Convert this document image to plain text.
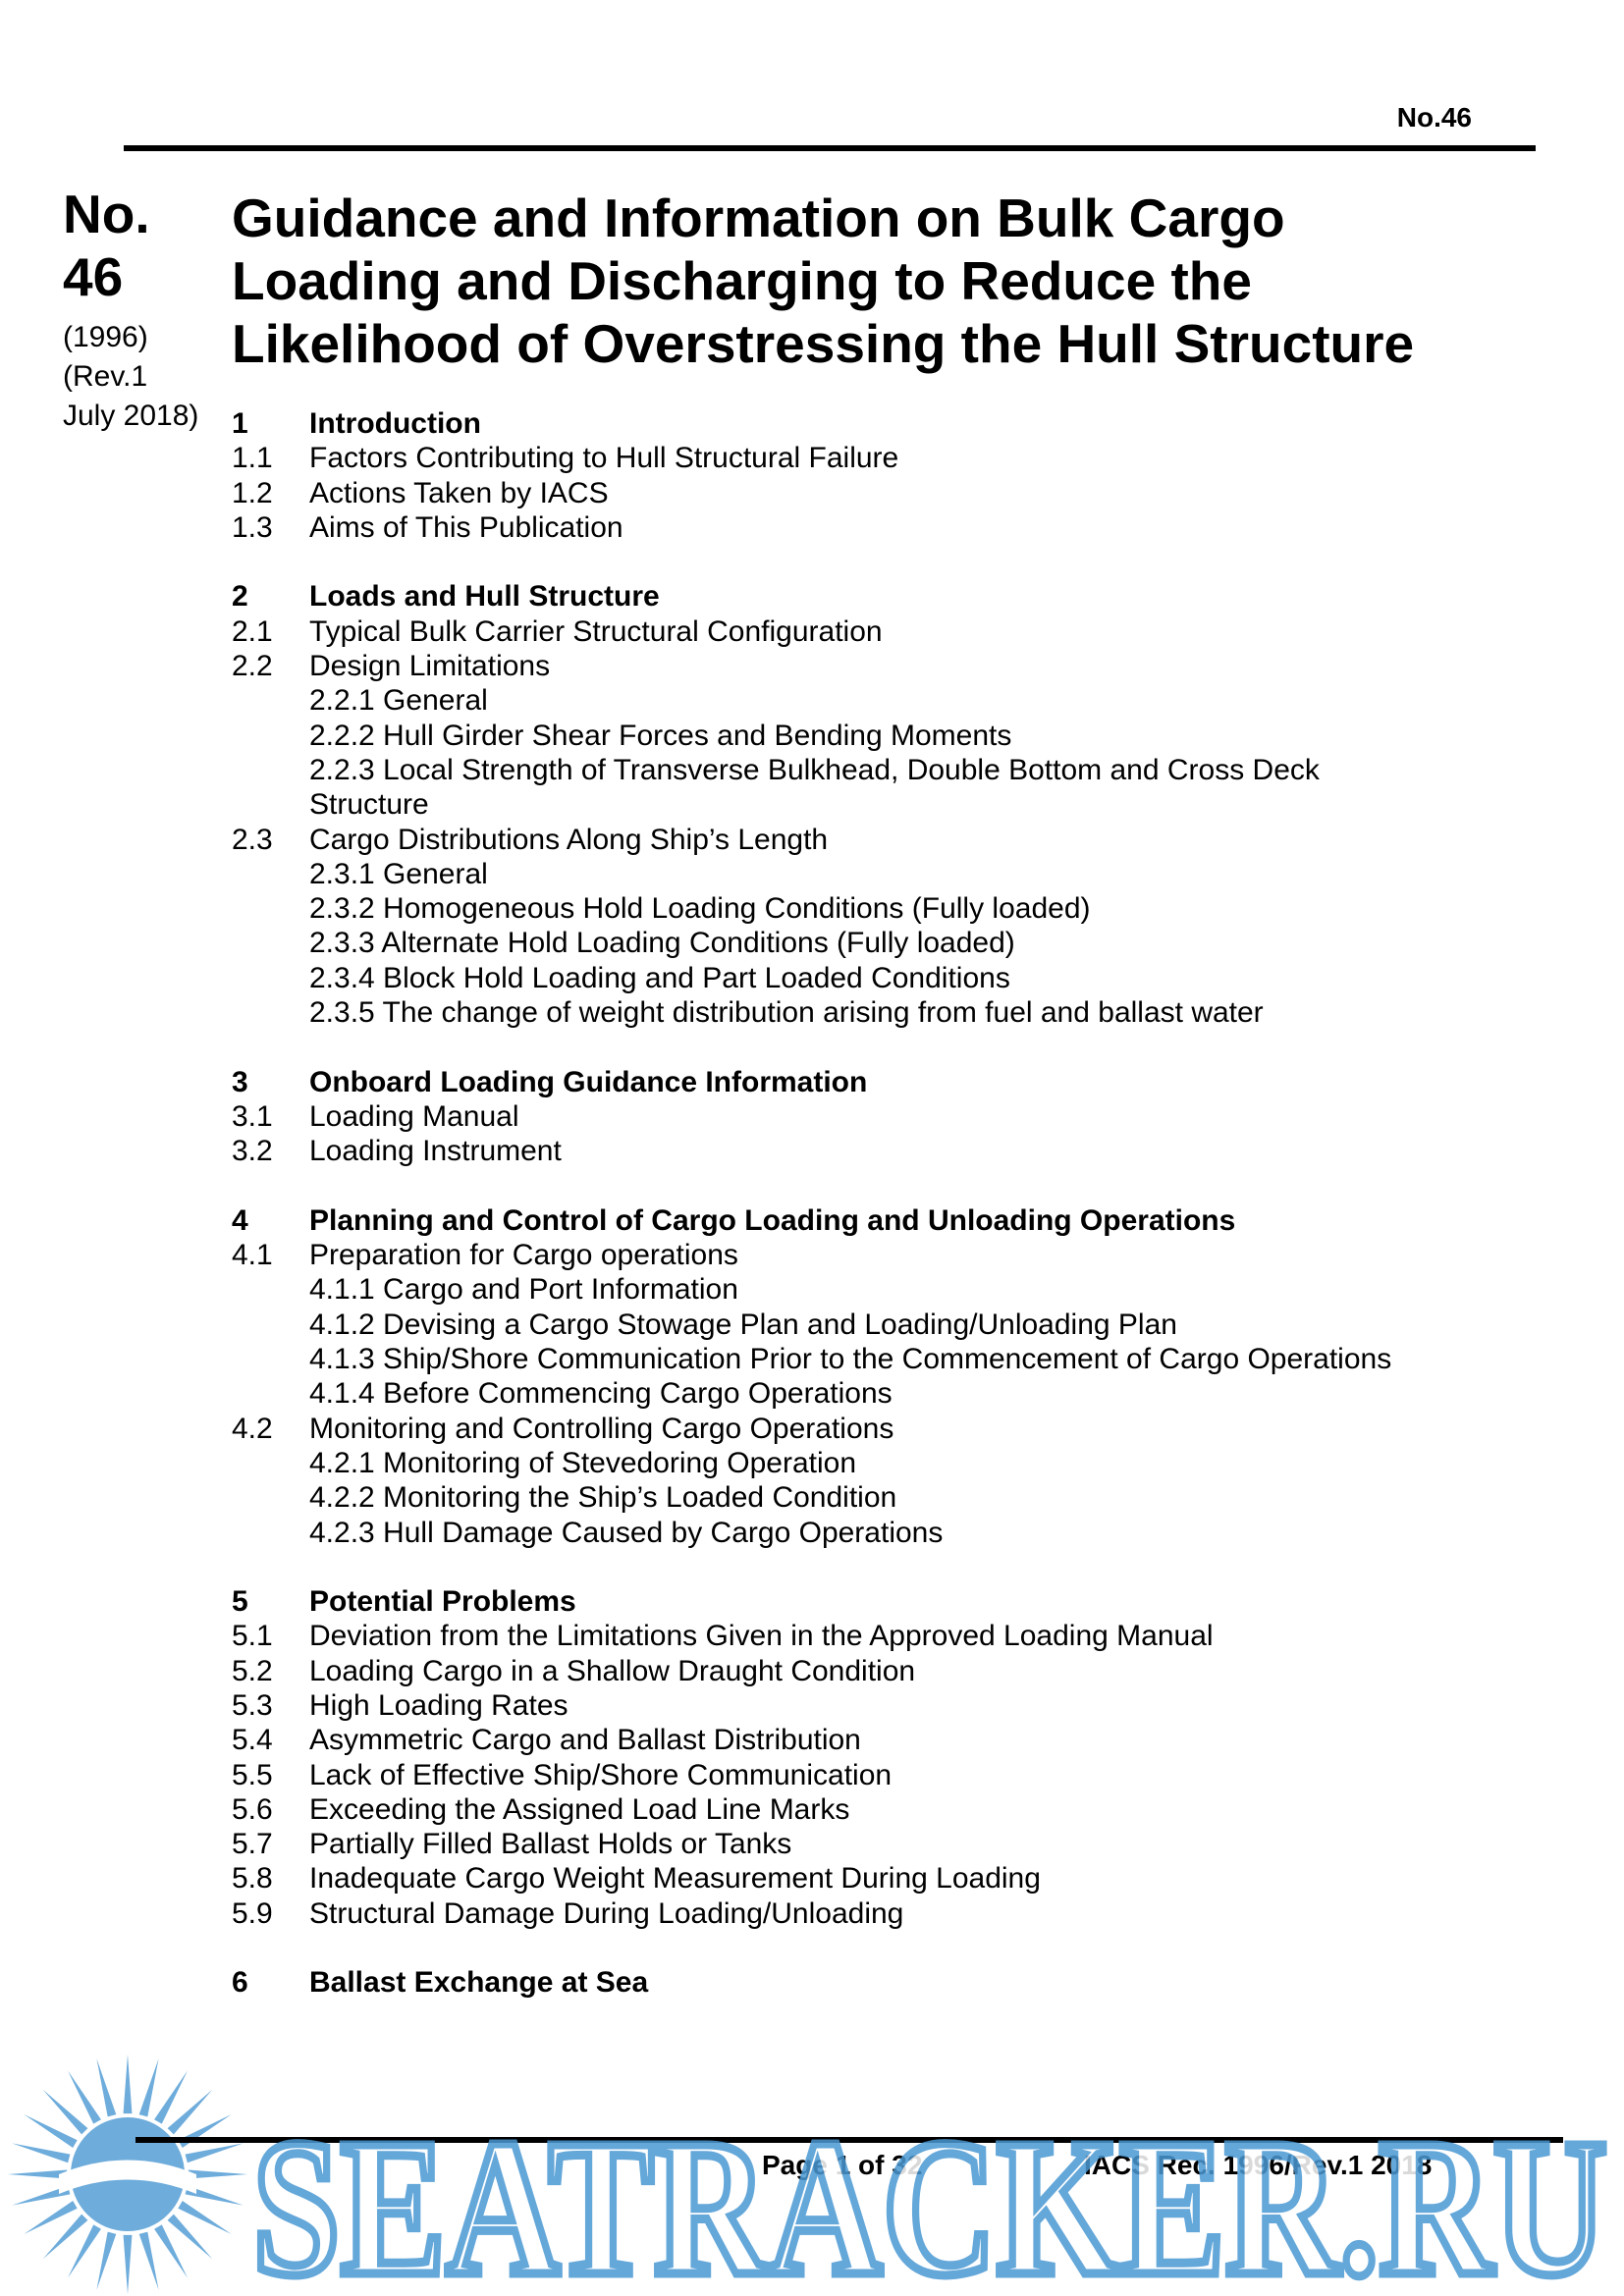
No.46

No.

46

(1996)

(Rev.1

July 2018)

Guidance and Information on Bulk Cargo
Loading and Discharging to Reduce the
Likelihood of Overstressing the Hull Structure
1	Introduction
1.1	Factors Contributing to Hull Structural Failure
1.2	Actions Taken by IACS
1.3	Aims of This Publication
2	Loads and Hull Structure
2.1	Typical Bulk Carrier Structural Configuration
2.2	Design Limitations
2.2.1 General
2.2.2 Hull Girder Shear Forces and Bending Moments
2.2.3 Local Strength of Transverse Bulkhead, Double Bottom and Cross Deck Structure
2.3	Cargo Distributions Along Ship’s Length
2.3.1 General
2.3.2 Homogeneous Hold Loading Conditions (Fully loaded)
2.3.3 Alternate Hold Loading Conditions (Fully loaded)
2.3.4 Block Hold Loading and Part Loaded Conditions
2.3.5 The change of weight distribution arising from fuel and ballast water
3	Onboard Loading Guidance Information
3.1	Loading Manual
3.2	Loading Instrument
4	Planning and Control of Cargo Loading and Unloading Operations
4.1	Preparation for Cargo operations
4.1.1 Cargo and Port Information
4.1.2 Devising a Cargo Stowage Plan and Loading/Unloading Plan
4.1.3 Ship/Shore Communication Prior to the Commencement of Cargo Operations
4.1.4 Before Commencing Cargo Operations
4.2	Monitoring and Controlling Cargo Operations
4.2.1 Monitoring of Stevedoring Operation
4.2.2 Monitoring the Ship’s Loaded Condition
4.2.3 Hull Damage Caused by Cargo Operations
5	Potential Problems
5.1	Deviation from the Limitations Given in the Approved Loading Manual
5.2	Loading Cargo in a Shallow Draught Condition
5.3	High Loading Rates
5.4	Asymmetric Cargo and Ballast Distribution
5.5	Lack of Effective Ship/Shore Communication
5.6	Exceeding the Assigned Load Line Marks
5.7	Partially Filled Ballast Holds or Tanks
5.8	Inadequate Cargo Weight Measurement During Loading
5.9	Structural Damage During Loading/Unloading
6	Ballast Exchange at Sea
Page 1 of 32	IACS Rec. 1996/Rev.1 2018
SEATRACKER.RU
